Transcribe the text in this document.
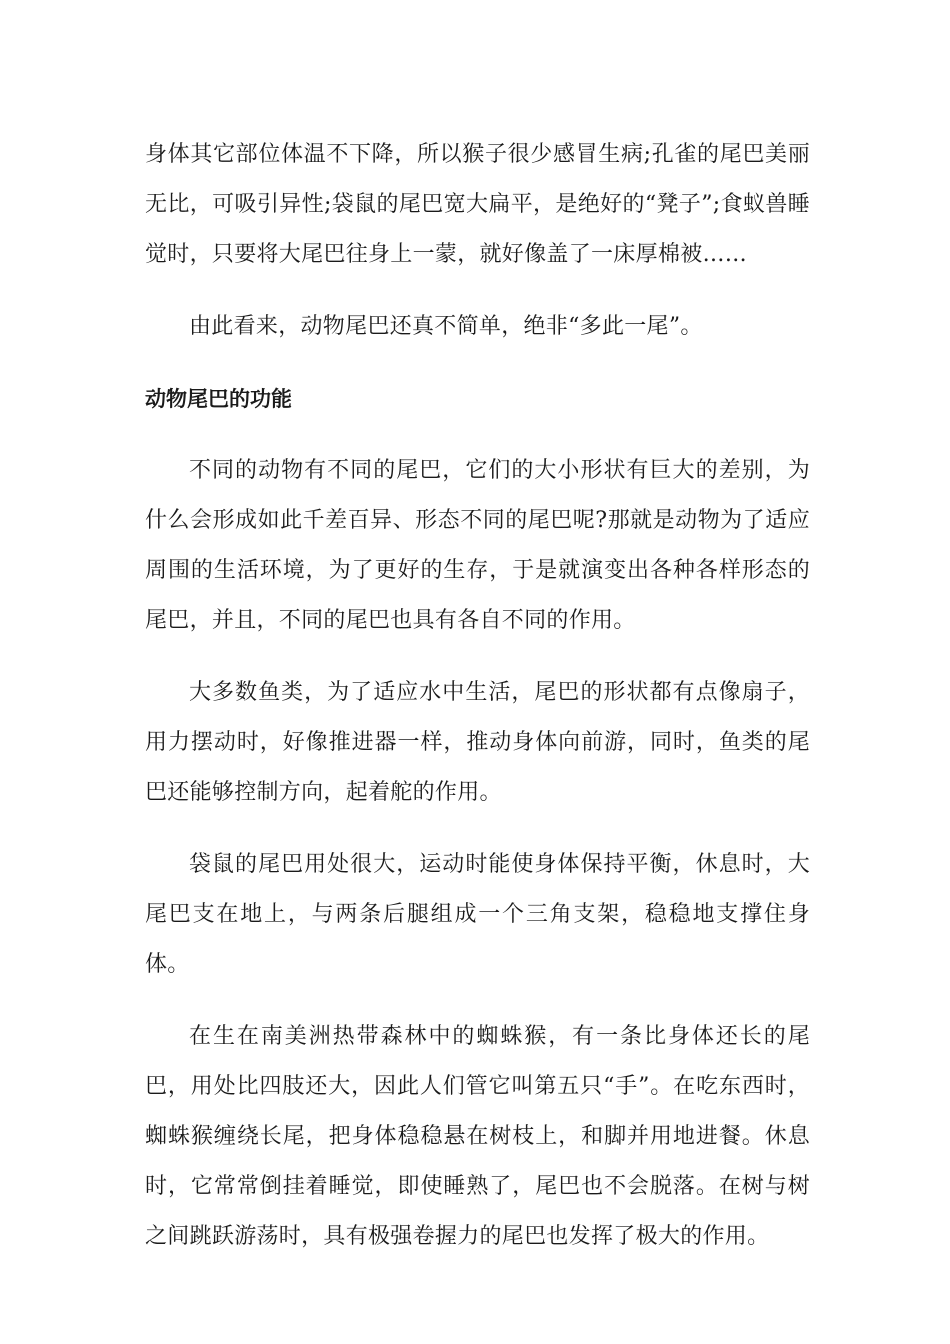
身体其它部位体温不下降，所以猴子很少感冒生病;孔雀的尾巴美丽无比，可吸引异性;袋鼠的尾巴宽大扁平，是绝好的“凳子”;食蚁兽睡觉时，只要将大尾巴往身上一蒙，就好像盖了一床厚棉被……

由此看来，动物尾巴还真不简单，绝非“多此一尾”。

动物尾巴的功能

不同的动物有不同的尾巴，它们的大小形状有巨大的差别，为什么会形成如此千差百异、形态不同的尾巴呢?那就是动物为了适应周围的生活环境，为了更好的生存，于是就演变出各种各样形态的尾巴，并且，不同的尾巴也具有各自不同的作用。

大多数鱼类，为了适应水中生活，尾巴的形状都有点像扇子，用力摆动时，好像推进器一样，推动身体向前游，同时，鱼类的尾巴还能够控制方向，起着舵的作用。

袋鼠的尾巴用处很大，运动时能使身体保持平衡，休息时，大尾巴支在地上，与两条后腿组成一个三角支架，稳稳地支撑住身体。

在生在南美洲热带森林中的蜘蛛猴，有一条比身体还长的尾巴，用处比四肢还大，因此人们管它叫第五只“手”。在吃东西时，蜘蛛猴缠绕长尾，把身体稳稳悬在树枝上，和脚并用地进餐。休息时，它常常倒挂着睡觉，即使睡熟了，尾巴也不会脱落。在树与树之间跳跃游荡时，具有极强卷握力的尾巴也发挥了极大的作用。
